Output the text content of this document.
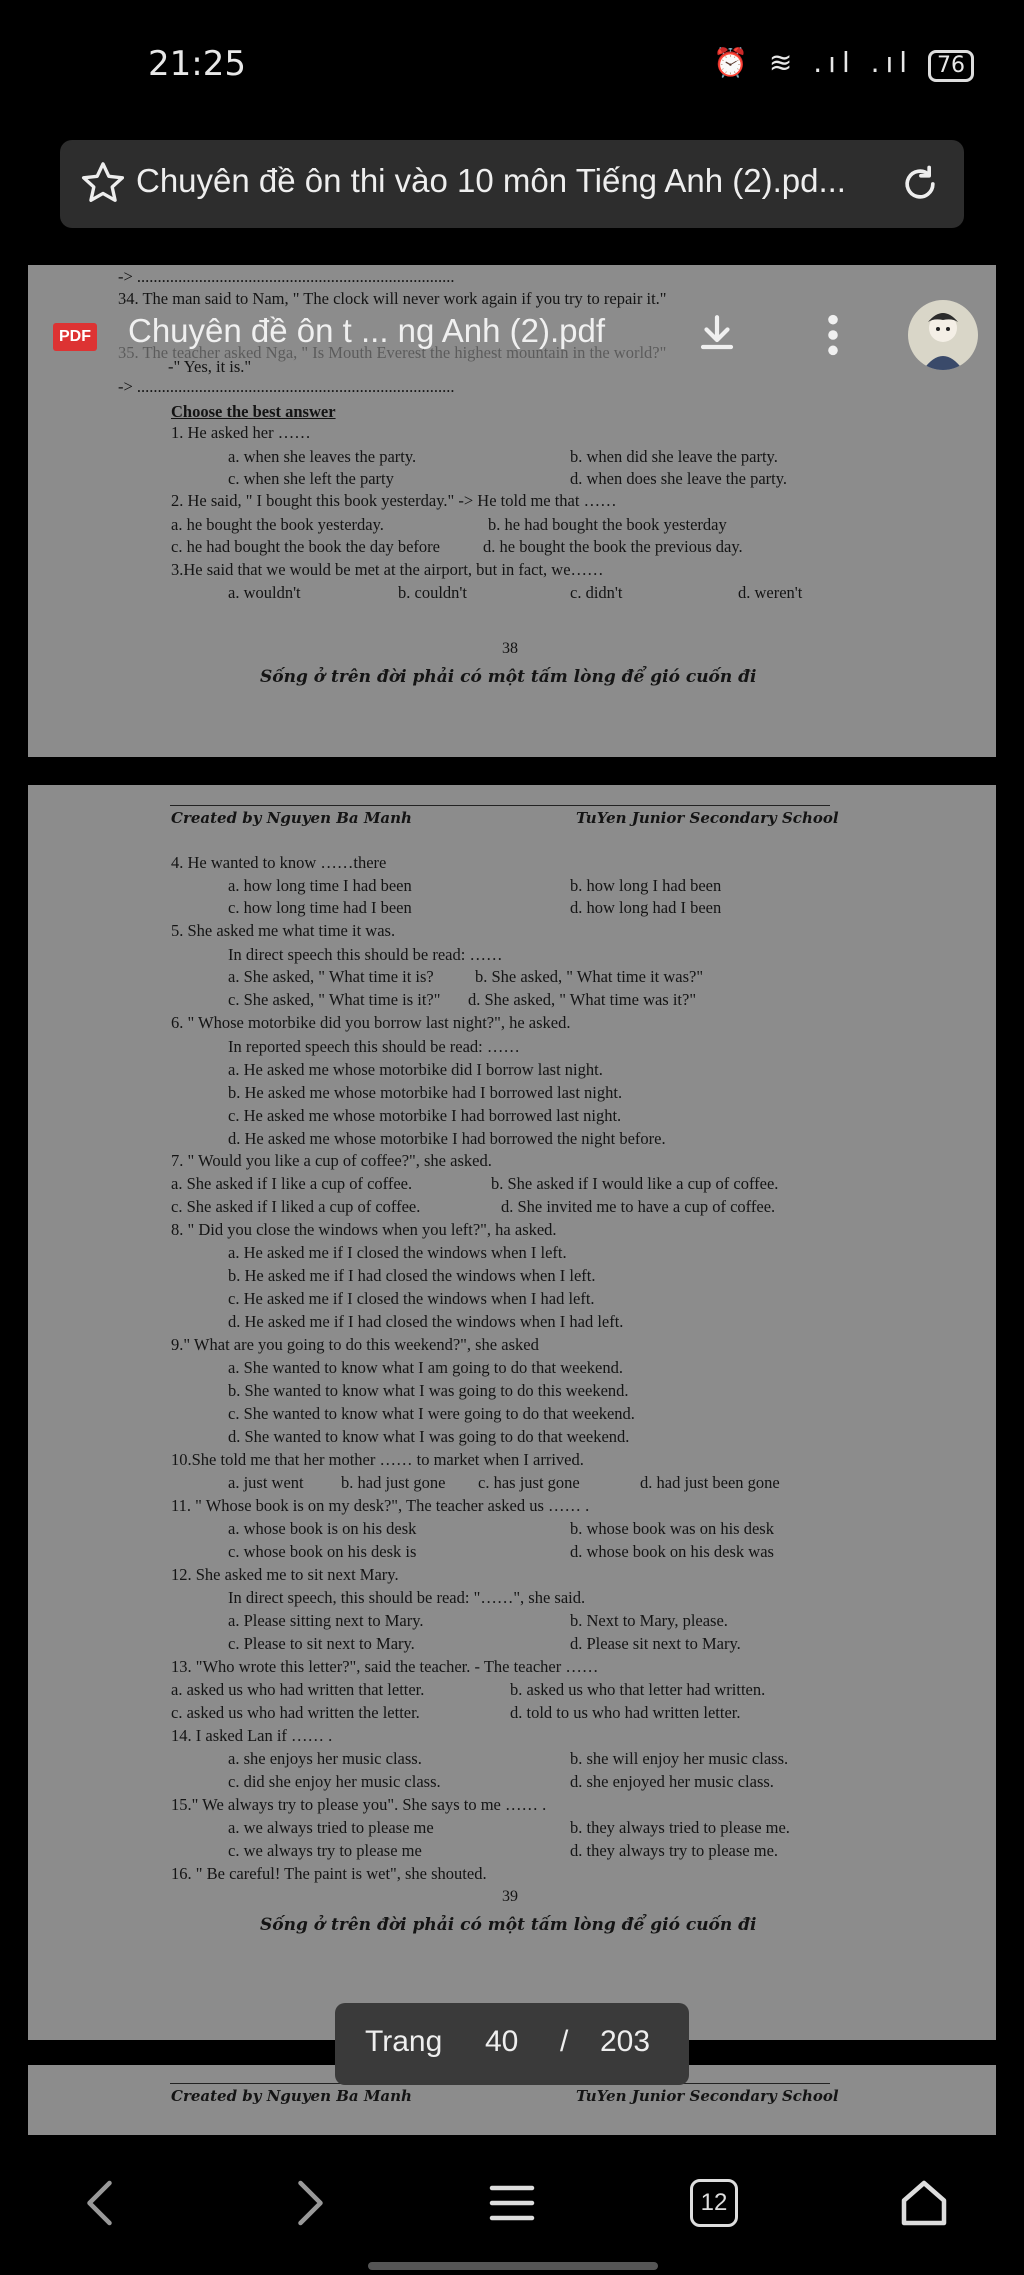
21:25	⏰ ≋ .ıl .ıl 76
Chuyên đề ôn thi vào 10 môn Tiếng Anh (2).pd...
-> .............................................................................
34. The man said to Nam, " The clock will never work again if you try to repair it."
35. The teacher asked Nga, " Is Mouth Everest the highest mountain in the world?"
-" Yes, it is."
-> .............................................................................
Choose the best answer
1. He asked her ……
a. when she leaves the party.	b. when did she leave the party.
c. when she left the party	d. when does she leave the party.
2. He said, " I bought this book yesterday." -> He told me that ……
a. he bought the book yesterday.	b. he had bought the book yesterday
c. he had bought the book the day before	d. he bought the book the previous day.
3.He said that we would be met at the airport, but in fact, we……
a. wouldn't	b. couldn't	c. didn't	d. weren't
38
Sống ở trên đời phải có một tấm lòng để gió cuốn đi
PDF Chuyên đề ôn t ... ng Anh (2).pdf
Created by Nguyen Ba Manh	TuYen Junior Secondary School
4. He wanted to know ……there
a. how long time I had been	b. how long I had been
c. how long time had I been	d. how long had I been
5. She asked me what time it was.
In direct speech this should be read: ……
a. She asked, " What time it is? b. She asked, " What time it was?"
c. She asked, " What time is it?" d. She asked, " What time was it?"
6. " Whose motorbike did you borrow last night?", he asked.
In reported speech this should be read: ……
a. He asked me whose motorbike did I borrow last night.
b. He asked me whose motorbike had I borrowed last night.
c. He asked me whose motorbike I had borrowed last night.
d. He asked me whose motorbike I had borrowed the night before.
7. " Would you like a cup of coffee?", she asked.
a. She asked if I like a cup of coffee.	b. She asked if I would like a cup of coffee.
c. She asked if I liked a cup of coffee.	d. She invited me to have a cup of coffee.
8. " Did you close the windows when you left?", ha asked.
a. He asked me if I closed the windows when I left.
b. He asked me if I had closed the windows when I left.
c. He asked me if I closed the windows when I had left.
d. He asked me if I had closed the windows when I had left.
9." What are you going to do this weekend?", she asked
a. She wanted to know what I am going to do that weekend.
b. She wanted to know what I was going to do this weekend.
c. She wanted to know what I were going to do that weekend.
d. She wanted to know what I was going to do that weekend.
10.She told me that her mother …… to market when I arrived.
a. just went b. had just gone c. has just gone	d. had just been gone
11. " Whose book is on my desk?", The teacher asked us …… .
a. whose book is on his desk	b. whose book was on his desk
c. whose book on his desk is	d. whose book on his desk was
12. She asked me to sit next Mary.
In direct speech, this should be read: "……", she said.
a. Please sitting next to Mary.	b. Next to Mary, please.
c. Please to sit next to Mary.	d. Please sit next to Mary.
13. "Who wrote this letter?", said the teacher. - The teacher ……
a. asked us who had written that letter.	b. asked us who that letter had written.
c. asked us who had written the letter.	d. told to us who had written letter.
14. I asked Lan if …… .
a. she enjoys her music class.	b. she will enjoy her music class.
c. did she enjoy her music class.	d. she enjoyed her music class.
15." We always try to please you". She says to me …… .
a. we always tried to please me	b. they always tried to please me.
c. we always try to please me	d. they always try to please me.
16. " Be careful! The paint is wet", she shouted.
39
Sống ở trên đời phải có một tấm lòng để gió cuốn đi
Created by Nguyen Ba Manh	TuYen Junior Secondary School
Trang 40 / 203
12
